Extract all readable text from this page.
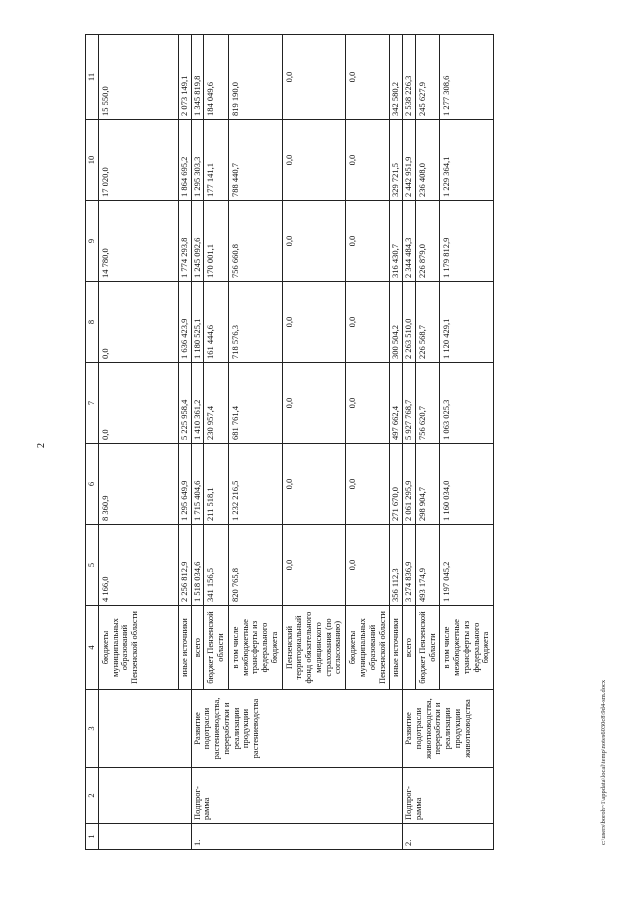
2
1	2	3	4	5	6	7	8	9	10	11
			бюджеты муниципальных образований Пензенской области	4 166,0	8 360,9	0,0	0,0	14 780,0	17 020,0	15 550,0
			иные источники	2 256 812,9	1 295 649,9	5 225 958,4	1 636 423,9	1 774 293,8	1 864 695,2	2 073 149,1
1.	Подпрог-рамма	Развитие подотрасли растениеводства, переработки и реализации продукции растениеводства	всего	1 518 034,6	1 715 404,6	1 410 361,2	1 180 525,1	1 245 092,6	1 295 303,3	1 345 819,8
			бюджет Пензенской области	341 156,5	211 518,1	230 957,4	161 444,6	170 001,1	177 141,1	184 049,6
			в том числе межбюджетные трансферты из федерального бюджета	820 765,8	1 232 216,5	681 761,4	718 576,3	756 660,8	788 440,7	819 190,0
			Пензенский территориальный фонд обязательного медицинского страхования (по согласованию)	0,0	0,0	0,0	0,0	0,0	0,0	0,0
			бюджеты муниципальных образований Пензенской области	0,0	0,0	0,0	0,0	0,0	0,0	0,0
			иные источники	356 112,3	271 670,0	497 662,4	300 504,2	316 430,7	329 721,5	342 580,2
2.	Подпрог-рамма	Развитие подотрасли животноводства, переработки и реализации продукции животноводства	всего	3 274 836,9	2 061 295,9	5 927 768,7	2 263 510,0	2 344 484,3	2 442 951,9	2 538 226,3
			бюджет Пензенской области	493 174,9	298 904,7	756 620,7	226 568,7	226 879,0	236 408,0	245 627,9
			в том числе межбюджетные трансферты из федерального бюджета	1 197 045,2	1 160 034,0	1 063 025,3	1 120 429,1	1 179 812,9	1 229 364,1	1 277 308,6
c:\users\boroh~1\appdata\local\temp\notes6030c8\9d4-sm.docx
